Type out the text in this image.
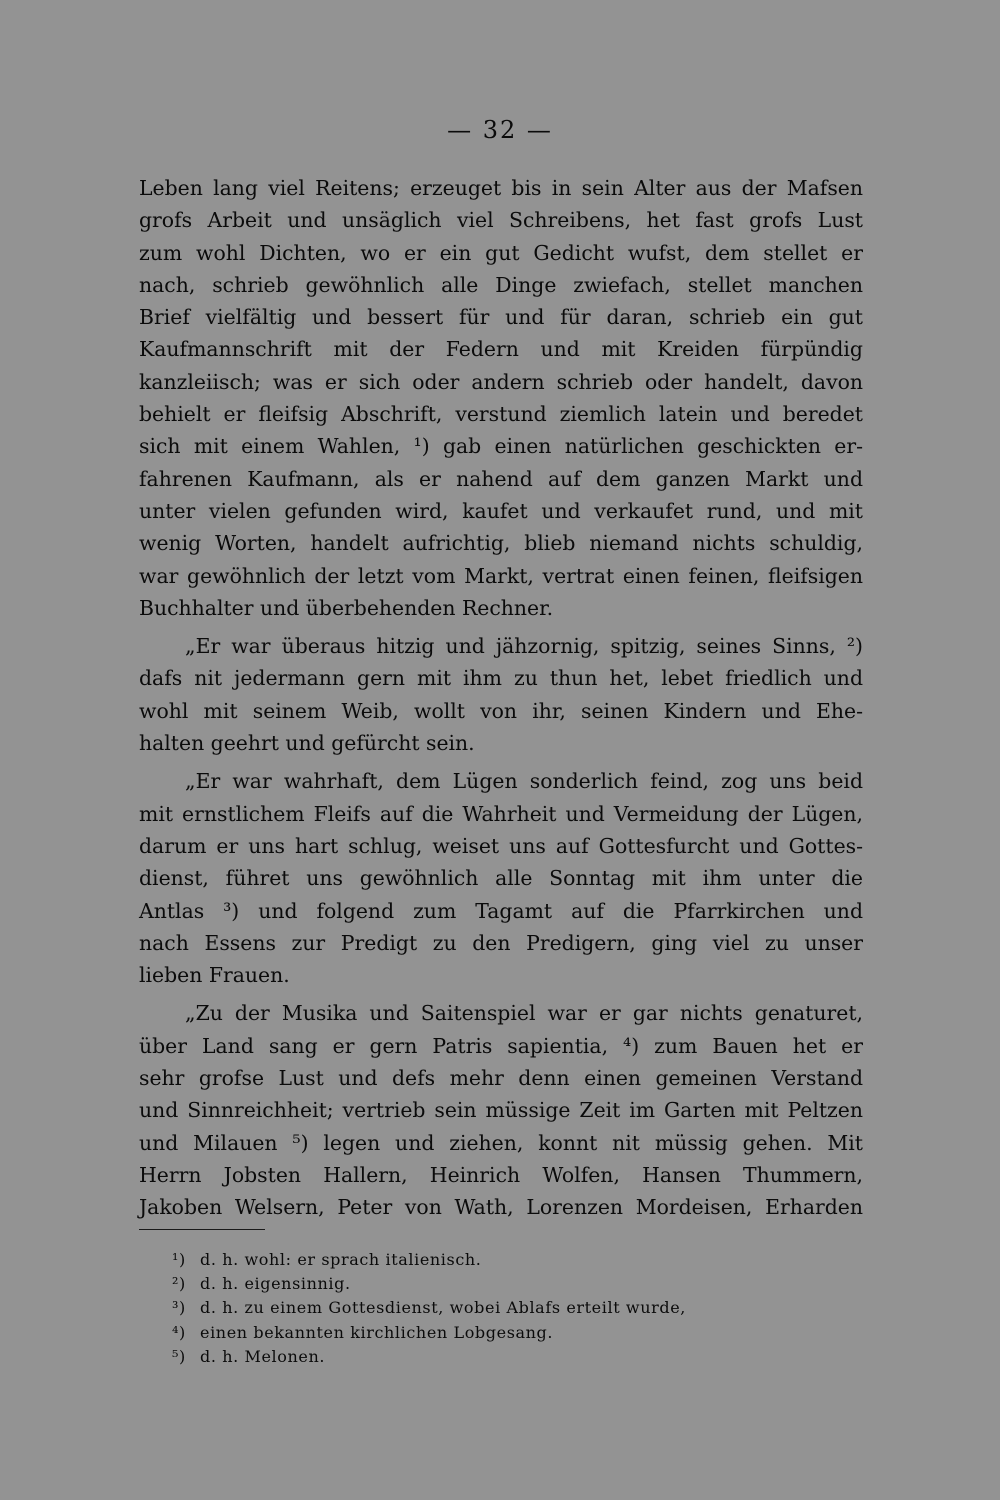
— 32 —
Leben lang viel Reitens; erzeuget bis in sein Alter aus der Mafsen
grofs Arbeit und unsäglich viel Schreibens, het fast grofs Lust
zum wohl Dichten, wo er ein gut Gedicht wufst, dem stellet er
nach, schrieb gewöhnlich alle Dinge zwiefach, stellet manchen
Brief vielfältig und bessert für und für daran, schrieb ein gut
Kaufmannschrift mit der Federn und mit Kreiden fürpündig
kanzleiisch; was er sich oder andern schrieb oder handelt, davon
behielt er fleifsig Abschrift, verstund ziemlich latein und beredet
sich mit einem Wahlen, ¹) gab einen natürlichen geschickten er-
fahrenen Kaufmann, als er nahend auf dem ganzen Markt und
unter vielen gefunden wird, kaufet und verkaufet rund, und mit
wenig Worten, handelt aufrichtig, blieb niemand nichts schuldig,
war gewöhnlich der letzt vom Markt, vertrat einen feinen, fleifsigen
Buchhalter und überbehenden Rechner.
„Er war überaus hitzig und jähzornig, spitzig, seines Sinns, ²)
dafs nit jedermann gern mit ihm zu thun het, lebet friedlich und
wohl mit seinem Weib, wollt von ihr, seinen Kindern und Ehe-
halten geehrt und gefürcht sein.
„Er war wahrhaft, dem Lügen sonderlich feind, zog uns beid
mit ernstlichem Fleifs auf die Wahrheit und Vermeidung der Lügen,
darum er uns hart schlug, weiset uns auf Gottesfurcht und Gottes-
dienst, führet uns gewöhnlich alle Sonntag mit ihm unter die
Antlas ³) und folgend zum Tagamt auf die Pfarrkirchen und
nach Essens zur Predigt zu den Predigern, ging viel zu unser
lieben Frauen.
„Zu der Musika und Saitenspiel war er gar nichts genaturet,
über Land sang er gern Patris sapientia, ⁴) zum Bauen het er
sehr grofse Lust und defs mehr denn einen gemeinen Verstand
und Sinnreichheit; vertrieb sein müssige Zeit im Garten mit Peltzen
und Milauen ⁵) legen und ziehen, konnt nit müssig gehen. Mit
Herrn Jobsten Hallern, Heinrich Wolfen, Hansen Thummern,
Jakoben Welsern, Peter von Wath, Lorenzen Mordeisen, Erharden
¹) d. h. wohl: er sprach italienisch.
²) d. h. eigensinnig.
³) d. h. zu einem Gottesdienst, wobei Ablafs erteilt wurde,
⁴) einen bekannten kirchlichen Lobgesang.
⁵) d. h. Melonen.
